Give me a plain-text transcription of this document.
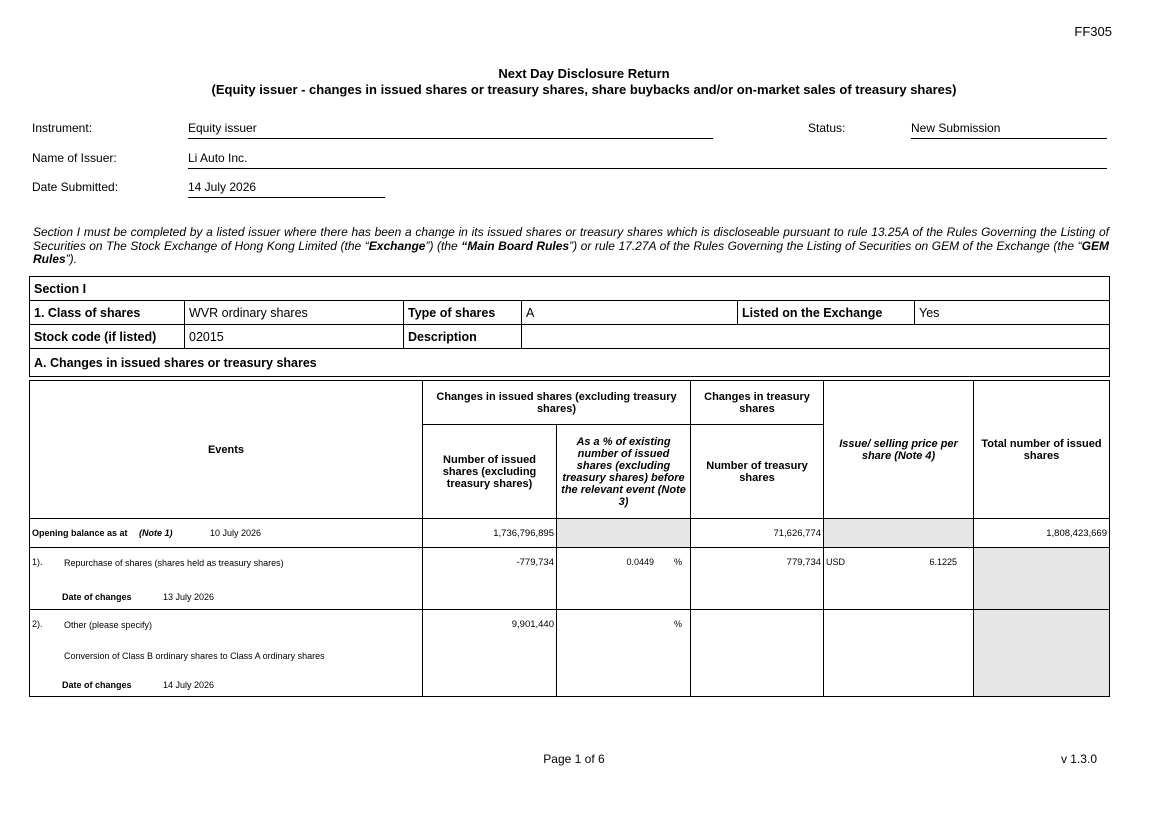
FF305
Next Day Disclosure Return
(Equity issuer - changes in issued shares or treasury shares, share buybacks and/or on-market sales of treasury shares)
Instrument:	Equity issuer	Status:	New Submission
Name of Issuer:	Li Auto Inc.
Date Submitted:	14 July 2026
Section I must be completed by a listed issuer where there has been a change in its issued shares or treasury shares which is discloseable pursuant to rule 13.25A of the Rules Governing the Listing of Securities on The Stock Exchange of Hong Kong Limited (the “Exchange”) (the “Main Board Rules”) or rule 17.27A of the Rules Governing the Listing of Securities on GEM of the Exchange (the “GEM Rules”).
Section I					
1. Class of shares	WVR ordinary shares	Type of shares	A	Listed on the Exchange	Yes
Stock code (if listed)	02015	Description			
A. Changes in issued shares or treasury shares					
Events	Changes in issued shares (excluding treasury shares)		Changes in treasury shares	Issue/ selling price per share (Note 4)	Total number of issued shares
	Number of issued shares (excluding treasury shares)	As a % of existing number of issued shares (excluding treasury shares) before the relevant event (Note 3)	Number of treasury shares		

Opening balance as at (Note 1) 10 July 2026	1,736,796,895		71,626,774		1,808,423,669

1). Repurchase of shares (shares held as treasury shares)
Date of changes 13 July 2026	-779,734	0.0449 %	779,734	USD 6.1225	

2). Other (please specify)
Conversion of Class B ordinary shares to Class A ordinary shares
Date of changes 14 July 2026	9,901,440	%			

Page 1 of 6	v 1.3.0
